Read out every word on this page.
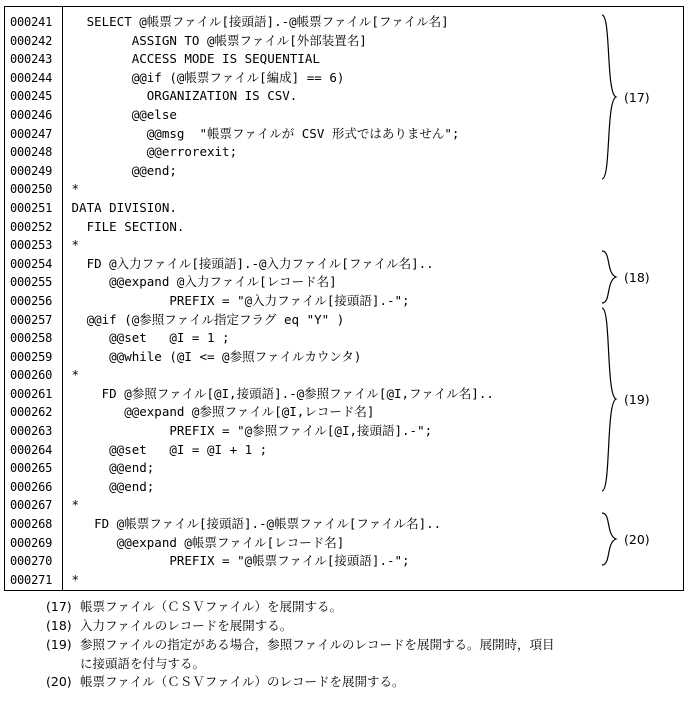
000241 SELECT @帳票ファイル[接頭語].-@帳票ファイル[ファイル名]
000242 ASSIGN TO @帳票ファイル[外部装置名]
000243 ACCESS MODE IS SEQUENTIAL
000244 @@if (@帳票ファイル[編成] == 6)
000245 ORGANIZATION IS CSV.
000246 @@else
000247 @@msg  "帳票ファイルが CSV 形式ではありません";
000248 @@errorexit;
000249 @@end;
000250 *
000251 DATA DIVISION.
000252 FILE SECTION.
000253 *
000254 FD @入力ファイル[接頭語].-@入力ファイル[ファイル名]..
000255 @@expand @入力ファイル[レコード名]
000256 PREFIX = "@入力ファイル[接頭語].-";
000257 @@if (@参照ファイル指定フラグ eq "Y" )
000258 @@set   @I = 1 ;
000259 @@while (@I <= @参照ファイルカウンタ)
000260 *
000261 FD @参照ファイル[@I,接頭語].-@参照ファイル[@I,ファイル名]..
000262 @@expand @参照ファイル[@I,レコード名]
000263 PREFIX = "@参照ファイル[@I,接頭語].-";
000264 @@set   @I = @I + 1 ;
000265 @@end;
000266 @@end;
000267 *
000268 FD @帳票ファイル[接頭語].-@帳票ファイル[ファイル名]..
000269 @@expand @帳票ファイル[レコード名]
000270 PREFIX = "@帳票ファイル[接頭語].-";
000271 *
(17)
(18)
(19)
(20)
(17) 帳票ファイル（ＣＳＶファイル）を展開する。
(18) 入力ファイルのレコードを展開する。
(19) 参照ファイルの指定がある場合，参照ファイルのレコードを展開する。展開時，項目
に接頭語を付与する。
(20) 帳票ファイル（ＣＳＶファイル）のレコードを展開する。
